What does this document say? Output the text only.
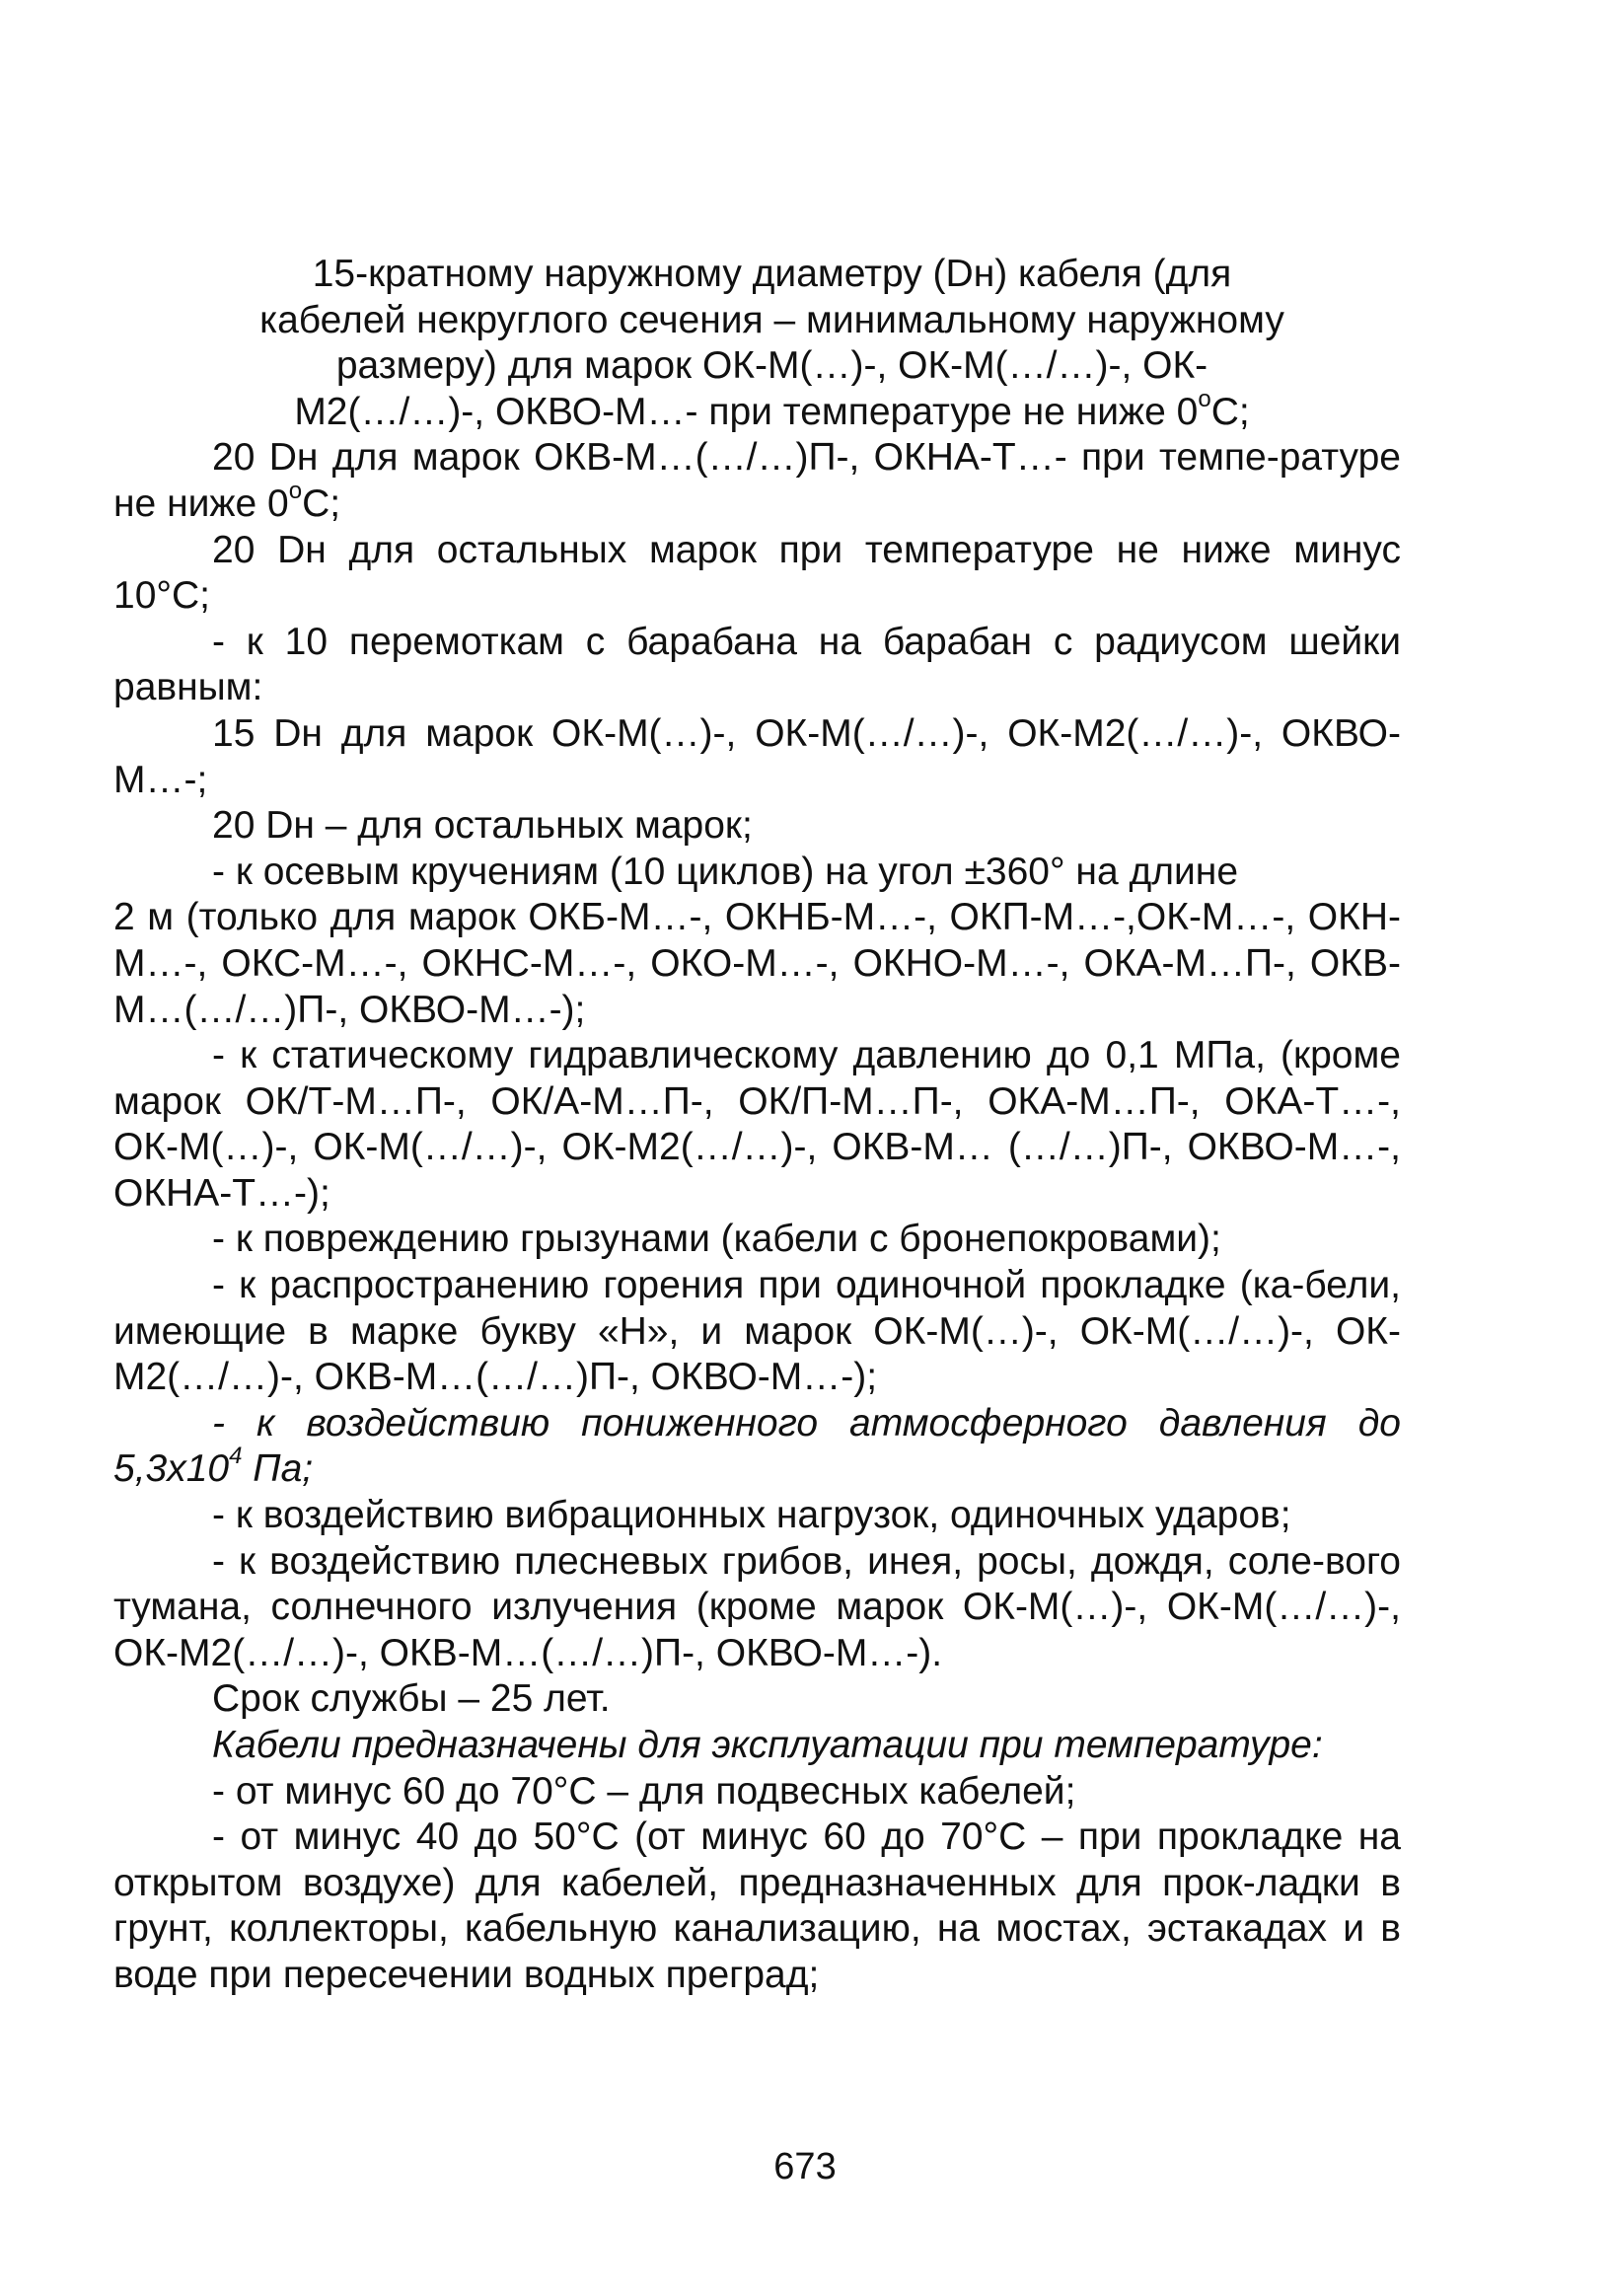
15-кратному наружному диаметру (Dн) кабеля (для
кабелей некруглого сечения – минимальному наружному
размеру) для марок ОК-М(…)-, ОК-М(…/…)-, ОК-
М2(…/…)-, ОКВО-М…- при температуре не ниже $0^оС$;

20 Dн для марок ОКВ-М…(…/…)П-, ОКНА-Т…- при темпе-ратуре не ниже $0^оС$;

20 Dн для остальных марок при температуре не ниже минус 10°С;

- к 10 перемоткам с барабана на барабан с радиусом шейки равным:

15 Dн для марок ОК-М(…)-, ОК-М(…/…)-, ОК-М2(…/…)-, ОКВО-М…-;

20 Dн – для остальных марок;

- к осевым кручениям (10 циклов) на угол ±360° на длине

2 м (только для марок ОКБ-М…-, ОКНБ-М…-, ОКП-М…-,ОК-М…-, ОКН-М…-, ОКС-М…-, ОКНС-М…-, ОКО-М…-, ОКНО-М…-, ОКА-М…П-, ОКВ-М…(…/…)П-, ОКВО-М…-);

- к статическому гидравлическому давлению до 0,1 МПа, (кроме марок ОК/Т-М…П-, ОК/А-М…П-, ОК/П-М…П-, ОКА-М…П-, ОКА-Т…-, ОК-М(…)-, ОК-М(…/…)-, ОК-М2(…/…)-, ОКВ-М… (…/…)П-, ОКВО-М…-, ОКНА-Т…-);

- к повреждению грызунами (кабели с бронепокровами);

- к распространению горения при одиночной прокладке (ка-бели, имеющие в марке букву «Н», и марок ОК-М(…)-, ОК-М(…/…)-, ОК-М2(…/…)-, ОКВ-М…(…/…)П-, ОКВО-М…-);

- к воздействию пониженного атмосферного давления до $5,3х10^4$ Па;

- к воздействию вибрационных нагрузок, одиночных ударов;

- к воздействию плесневых грибов, инея, росы, дождя, соле-вого тумана, солнечного излучения (кроме марок ОК-М(…)-, ОК-М(…/…)-, ОК-М2(…/…)-, ОКВ-М…(…/…)П-, ОКВО-М…-).

Срок службы – 25 лет.

Кабели предназначены для эксплуатации при температуре:

- от минус 60 до 70°С – для подвесных кабелей;

- от минус 40 до 50°С (от минус 60 до 70°С – при прокладке на открытом воздухе) для кабелей, предназначенных для прок-ладки в грунт, коллекторы, кабельную канализацию, на мостах, эстакадах и в воде при пересечении водных преград;

673
